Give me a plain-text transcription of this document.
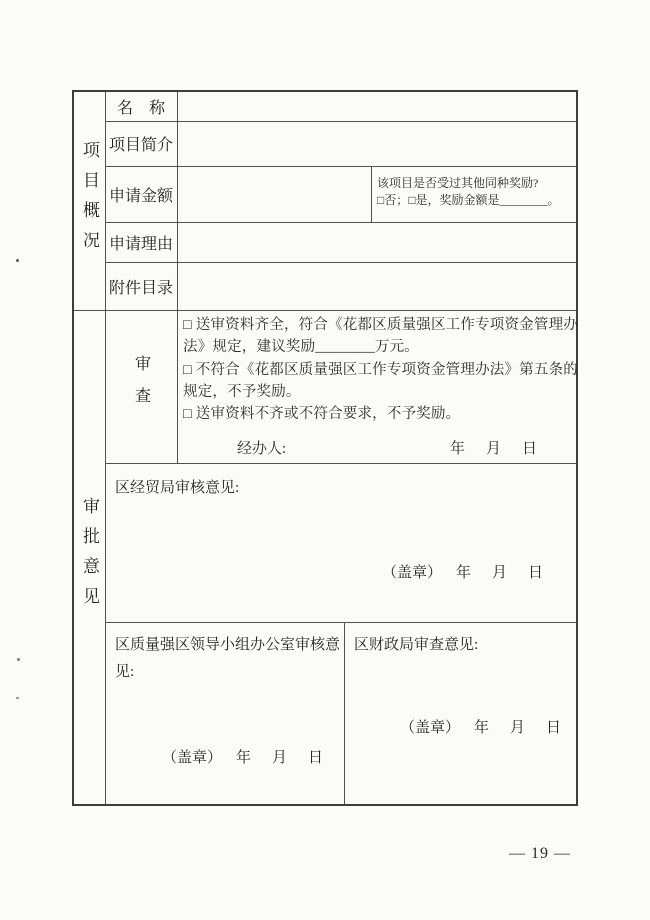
项目概况
审批意见
名　称
项目简介
申请金额
申请理由
附件目录
该项目是否受过其他同种奖励?
□否；□是，奖励金额是________。
审查
□ 送审资料齐全，符合《花都区质量强区工作专项资金管理办
法》规定，建议奖励________万元。
□ 不符合《花都区质量强区工作专项资金管理办法》第五条的
规定，不予奖励。
□ 送审资料不齐或不符合要求，不予奖励。
经办人:	年　月　日
区经贸局审核意见:
（盖章） 年　月　日
区质量强区领导小组办公室审核意
见:
（盖章） 年　月　日
区财政局审查意见:
（盖章） 年　月　日
— 19 —
